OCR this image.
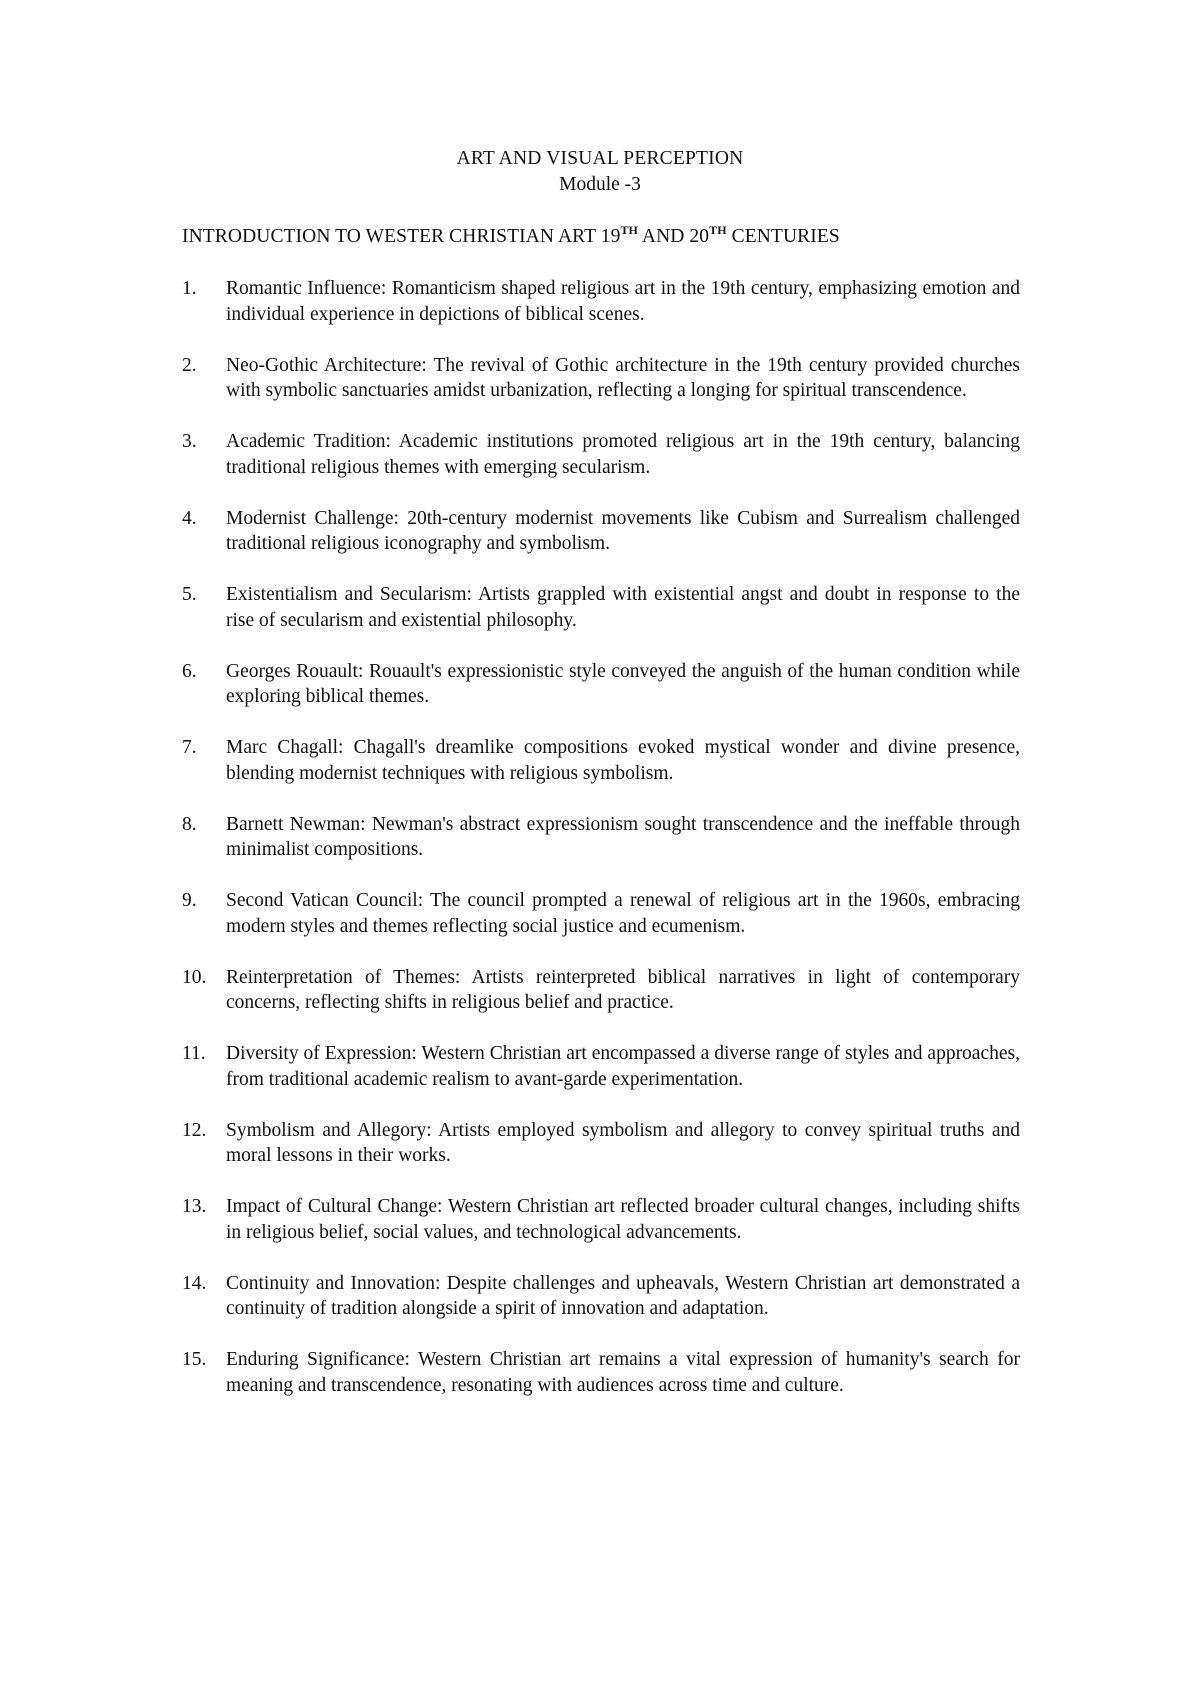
ART AND VISUAL PERCEPTION
Module -3
INTRODUCTION TO WESTER CHRISTIAN ART 19TH AND 20TH CENTURIES
1.	Romantic Influence: Romanticism shaped religious art in the 19th century, emphasizing emotion and individual experience in depictions of biblical scenes.
2.	Neo-Gothic Architecture: The revival of Gothic architecture in the 19th century provided churches with symbolic sanctuaries amidst urbanization, reflecting a longing for spiritual transcendence.
3.	Academic Tradition: Academic institutions promoted religious art in the 19th century, balancing traditional religious themes with emerging secularism.
4.	Modernist Challenge: 20th-century modernist movements like Cubism and Surrealism challenged traditional religious iconography and symbolism.
5.	Existentialism and Secularism: Artists grappled with existential angst and doubt in response to the rise of secularism and existential philosophy.
6.	Georges Rouault: Rouault's expressionistic style conveyed the anguish of the human condition while exploring biblical themes.
7.	Marc Chagall: Chagall's dreamlike compositions evoked mystical wonder and divine presence, blending modernist techniques with religious symbolism.
8.	Barnett Newman: Newman's abstract expressionism sought transcendence and the ineffable through minimalist compositions.
9.	Second Vatican Council: The council prompted a renewal of religious art in the 1960s, embracing modern styles and themes reflecting social justice and ecumenism.
10.	Reinterpretation of Themes: Artists reinterpreted biblical narratives in light of contemporary concerns, reflecting shifts in religious belief and practice.
11.	Diversity of Expression: Western Christian art encompassed a diverse range of styles and approaches, from traditional academic realism to avant-garde experimentation.
12.	Symbolism and Allegory: Artists employed symbolism and allegory to convey spiritual truths and moral lessons in their works.
13.	Impact of Cultural Change: Western Christian art reflected broader cultural changes, including shifts in religious belief, social values, and technological advancements.
14.	Continuity and Innovation: Despite challenges and upheavals, Western Christian art demonstrated a continuity of tradition alongside a spirit of innovation and adaptation.
15.	Enduring Significance: Western Christian art remains a vital expression of humanity's search for meaning and transcendence, resonating with audiences across time and culture.
